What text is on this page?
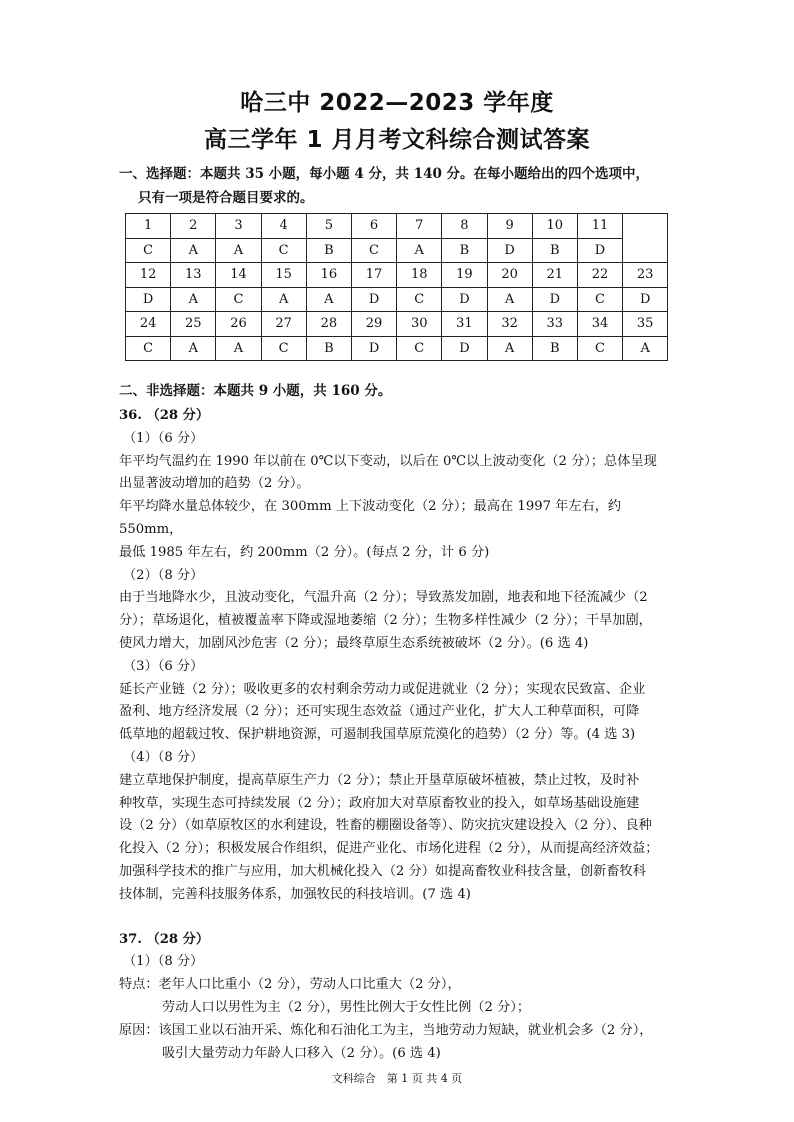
哈三中 2022—2023 学年度
高三学年 1 月月考文科综合测试答案
一、选择题：本题共 35 小题，每小题 4 分，共 140 分。在每小题给出的四个选项中，
只有一项是符合题目要求的。
1	2	3	4	5	6	7	8	9	10	11	
C	A	A	C	B	C	A	B	D	B	D	
12	13	14	15	16	17	18	19	20	21	22	23
D	A	C	A	A	D	C	D	A	D	C	D
24	25	26	27	28	29	30	31	32	33	34	35
C	A	A	C	B	D	C	D	A	B	C	A
二、非选择题：本题共 9 小题，共 160 分。

36. （28 分）

（1）（6 分）

年平均气温约在 1990 年以前在 0℃以下变动，以后在 0℃以上波动变化（2 分）；总体呈现

出显著波动增加的趋势（2 分）。

年平均降水量总体较少，在 300mm 上下波动变化（2 分）；最高在 1997 年左右，约 550mm，

最低 1985 年左右，约 200mm（2 分）。(每点 2 分，计 6 分)

（2）（8 分）

由于当地降水少，且波动变化，气温升高（2 分）；导致蒸发加剧，地表和地下径流减少（2

分）；草场退化，植被覆盖率下降或湿地萎缩（2 分）；生物多样性减少（2 分）；干旱加剧，

使风力增大，加剧风沙危害（2 分）；最终草原生态系统被破坏（2 分）。(6 选 4)

（3）（6 分）

延长产业链（2 分）；吸收更多的农村剩余劳动力或促进就业（2 分）；实现农民致富、企业

盈利、地方经济发展（2 分）；还可实现生态效益（通过产业化，扩大人工种草面积，可降

低草地的超载过牧、保护耕地资源，可遏制我国草原荒漠化的趋势）（2 分）等。(4 选 3)

（4）（8 分）

建立草地保护制度，提高草原生产力（2 分）；禁止开垦草原破坏植被，禁止过牧，及时补

种牧草，实现生态可持续发展（2 分）；政府加大对草原畜牧业的投入，如草场基础设施建

设（2 分）（如草原牧区的水利建设，牲畜的棚圈设备等）、防灾抗灾建设投入（2 分）、良种

化投入（2 分）；积极发展合作组织，促进产业化、市场化进程（2 分），从而提高经济效益；

加强科学技术的推广与应用，加大机械化投入（2 分）如提高畜牧业科技含量，创新畜牧科

技体制，完善科技服务体系，加强牧民的科技培训。(7 选 4)

37. （28 分）

（1）（8 分）

特点：老年人口比重小（2 分），劳动人口比重大（2 分），

劳动人口以男性为主（2 分），男性比例大于女性比例（2 分）；

原因：该国工业以石油开采、炼化和石油化工为主，当地劳动力短缺，就业机会多（2 分），

吸引大量劳动力年龄人口移入（2 分）。(6 选 4)

文科综合　第 1 页 共 4 页
